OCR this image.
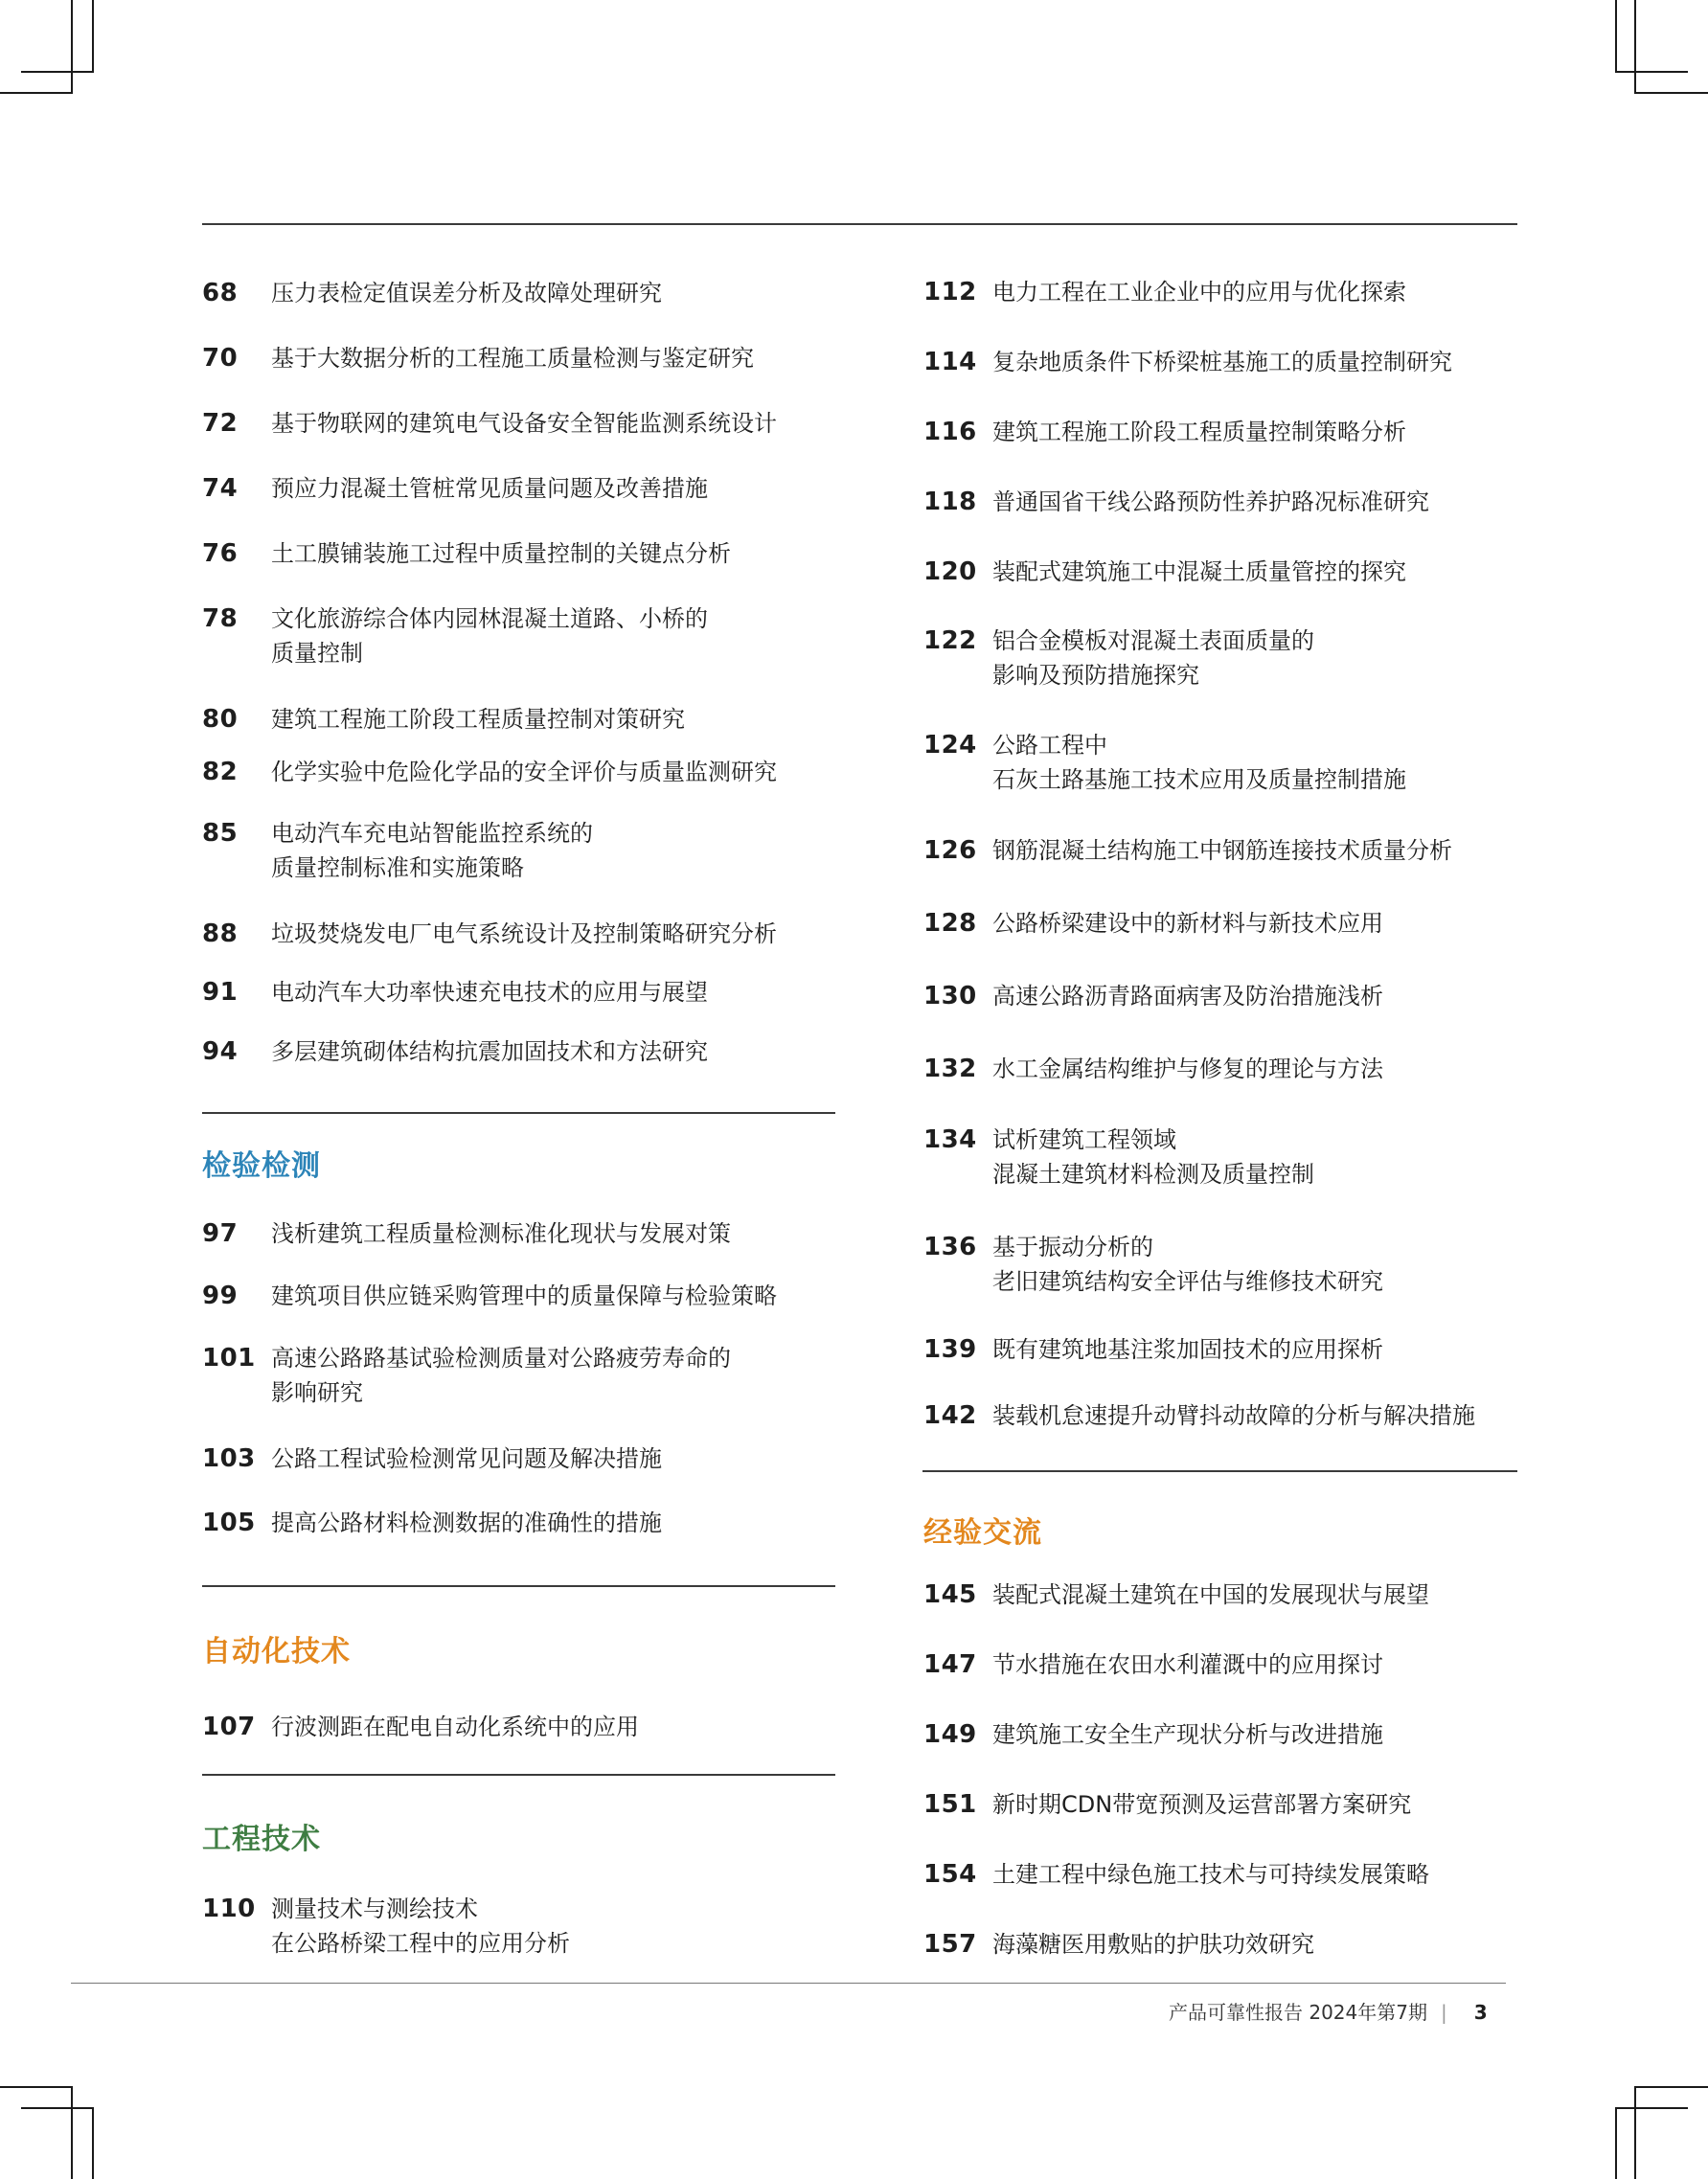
68	压力表检定值误差分析及故障处理研究
70	基于大数据分析的工程施工质量检测与鉴定研究
72	基于物联网的建筑电气设备安全智能监测系统设计
74	预应力混凝土管桩常见质量问题及改善措施
76	土工膜铺装施工过程中质量控制的关键点分析
78	文化旅游综合体内园林混凝土道路、小桥的
质量控制
80	建筑工程施工阶段工程质量控制对策研究
82	化学实验中危险化学品的安全评价与质量监测研究
85	电动汽车充电站智能监控系统的
质量控制标准和实施策略
88	垃圾焚烧发电厂电气系统设计及控制策略研究分析
91	电动汽车大功率快速充电技术的应用与展望
94	多层建筑砌体结构抗震加固技术和方法研究
97	浅析建筑工程质量检测标准化现状与发展对策
99	建筑项目供应链采购管理中的质量保障与检验策略
101 高速公路路基试验检测质量对公路疲劳寿命的
影响研究
103 公路工程试验检测常见问题及解决措施
105 提高公路材料检测数据的准确性的措施
107 行波测距在配电自动化系统中的应用
110 测量技术与测绘技术
在公路桥梁工程中的应用分析
112 电力工程在工业企业中的应用与优化探索
114 复杂地质条件下桥梁桩基施工的质量控制研究
116 建筑工程施工阶段工程质量控制策略分析
118 普通国省干线公路预防性养护路况标准研究
120 装配式建筑施工中混凝土质量管控的探究
122 铝合金模板对混凝土表面质量的
影响及预防措施探究
124 公路工程中
石灰土路基施工技术应用及质量控制措施
126 钢筋混凝土结构施工中钢筋连接技术质量分析
128 公路桥梁建设中的新材料与新技术应用
130 高速公路沥青路面病害及防治措施浅析
132 水工金属结构维护与修复的理论与方法
134 试析建筑工程领域
混凝土建筑材料检测及质量控制
136 基于振动分析的
老旧建筑结构安全评估与维修技术研究
139 既有建筑地基注浆加固技术的应用探析
142 装载机怠速提升动臂抖动故障的分析与解决措施
145 装配式混凝土建筑在中国的发展现状与展望
147 节水措施在农田水利灌溉中的应用探讨
149 建筑施工安全生产现状分析与改进措施
151 新时期CDN带宽预测及运营部署方案研究
154 土建工程中绿色施工技术与可持续发展策略
157 海藻糖医用敷贴的护肤功效研究
检验检测
自动化技术
工程技术
经验交流
产品可靠性报告 2024年第7期 | 3
